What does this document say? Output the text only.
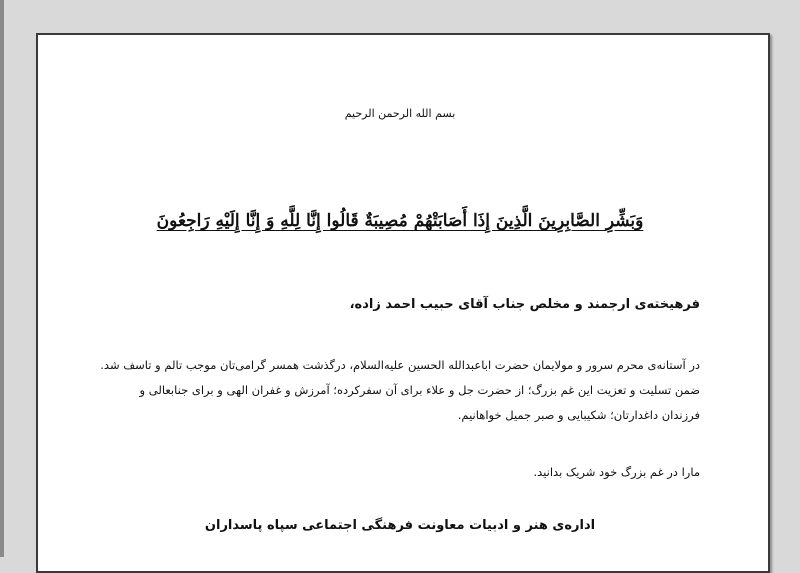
بسم الله الرحمن الرحیم
وَبَشِّرِ الصَّابِرِينَ الَّذِينَ إِذَا أَصَابَتْهُمْ مُصِيبَةٌ قَالُوا إِنَّا لِلَّهِ وَ إِنَّا إِلَيْهِ رَاجِعُونَ
فرهیخته‌ی ارجمند و مخلص جناب آقای حبیب احمد زاده،

در آستانه‌ی محرم سرور و مولایمان حضرت اباعبدالله الحسین علیه‌السلام، درگذشت همسر گرامی‌تان موجب تالم و تاسف شد.

ضمن تسلیت و تعزیت این غم بزرگ؛ از حضرت جل و علاء برای آن سفرکرده؛ آمرزش و غفران الهی و برای جنابعالی و

فرزندان داغدارتان؛ شکیبایی و صبر جمیل خواهانیم.

مارا در غم بزرگ خود شریک بدانید.
اداره‌ی هنر و ادبیات معاونت فرهنگی اجتماعی سپاه پاسداران
